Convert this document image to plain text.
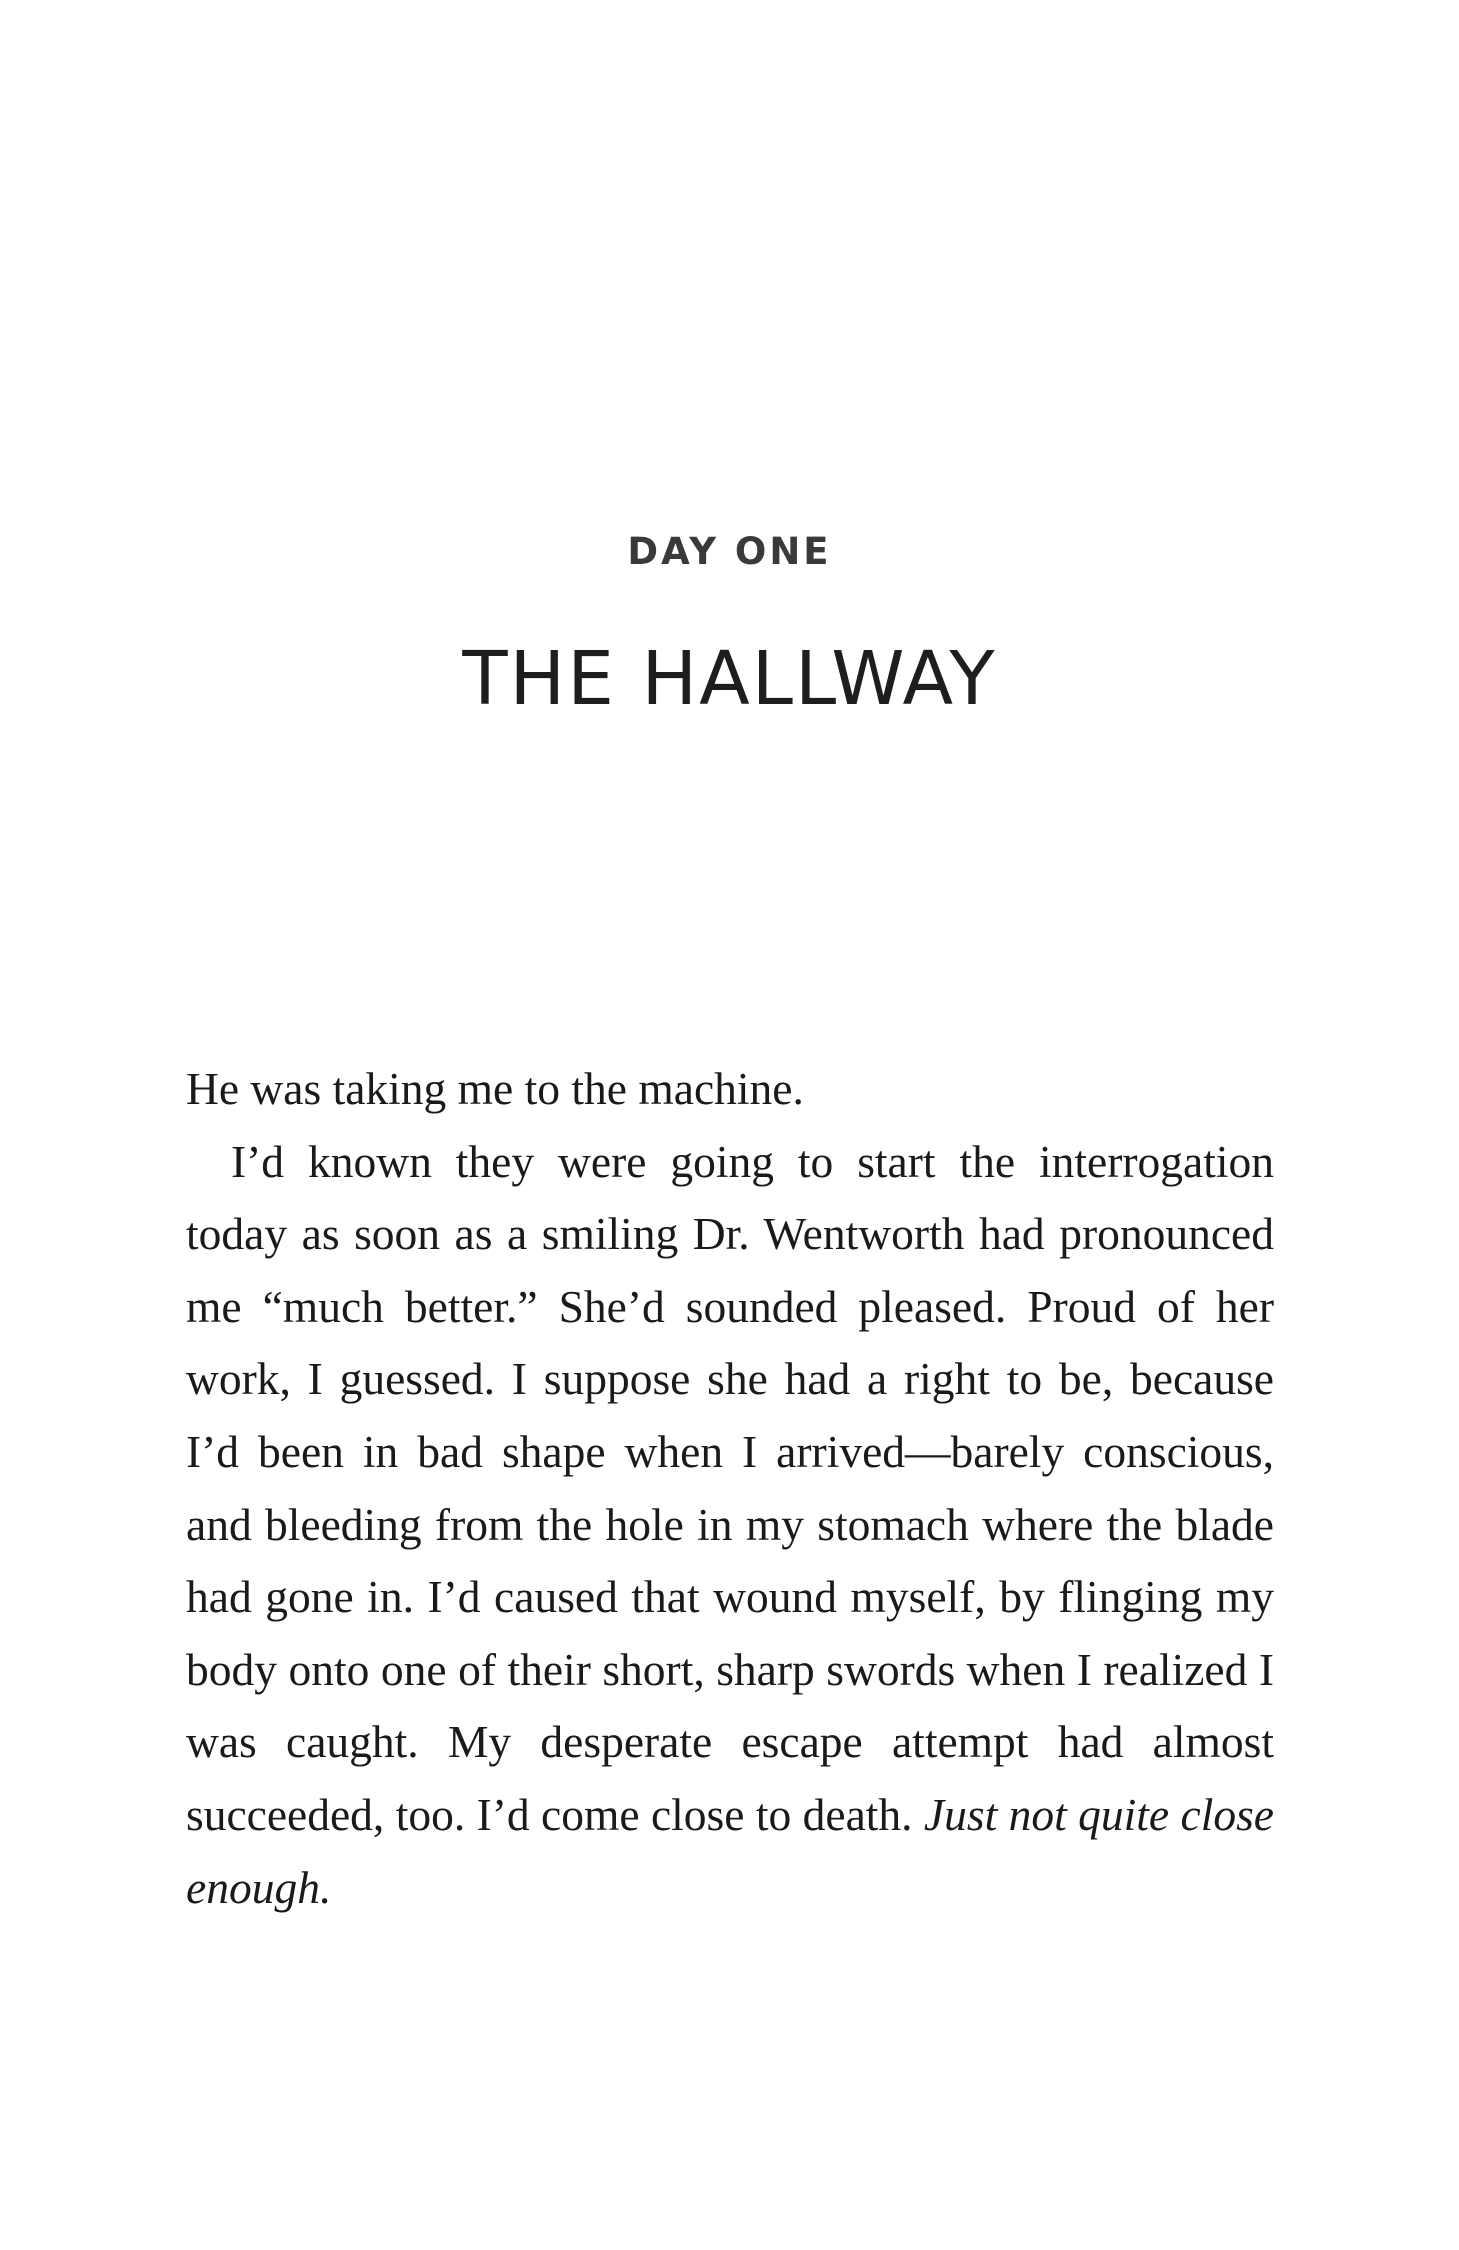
DAY ONE
THE HALLWAY

He was taking me to the machine.

I’d known they were going to start the interrogation today as soon as a smiling Dr. Wentworth had pronounced me “much better.” She’d sounded pleased. Proud of her work, I guessed. I suppose she had a right to be, because I’d been in bad shape when I arrived—barely conscious, and bleeding from the hole in my stomach where the blade had gone in. I’d caused that wound myself, by flinging my body onto one of their short, sharp swords when I realized I was caught. My desperate escape attempt had almost succeeded, too. I’d come close to death. Just not quite close enough.
